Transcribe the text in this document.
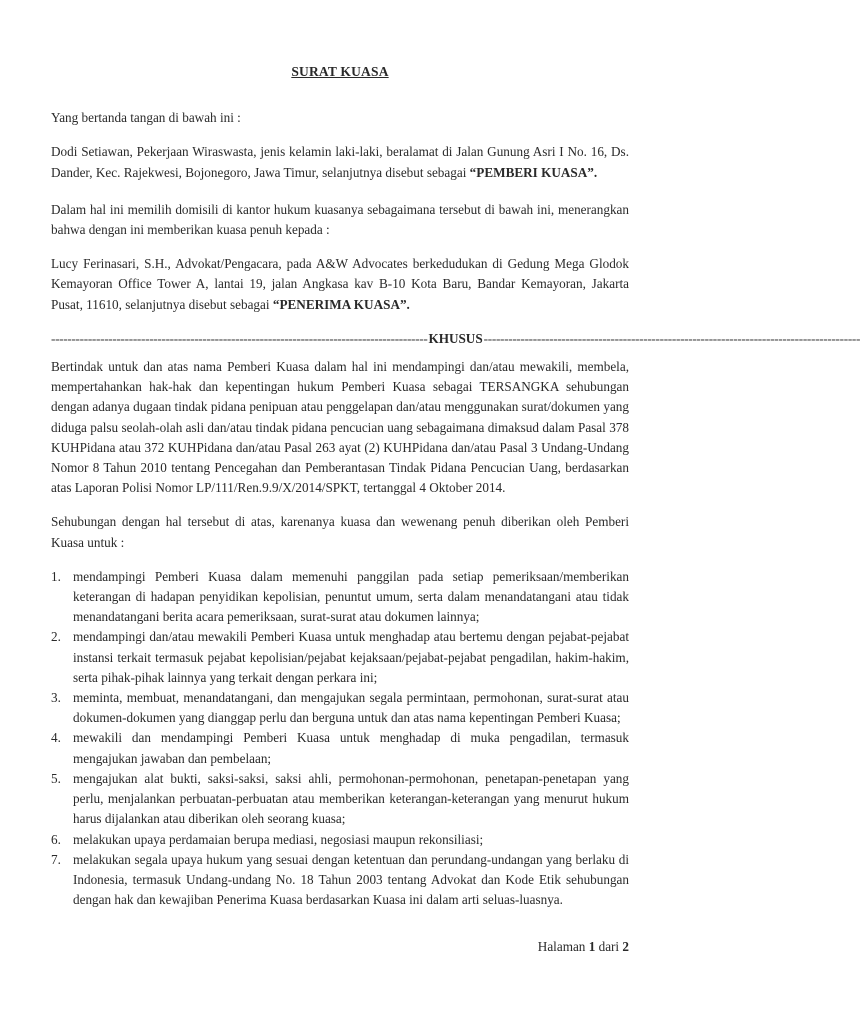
SURAT KUASA

Yang bertanda tangan di bawah ini :

Dodi Setiawan, Pekerjaan Wiraswasta, jenis kelamin laki-laki, beralamat di Jalan Gunung Asri I No. 16, Ds. Dander, Kec. Rajekwesi, Bojonegoro, Jawa Timur, selanjutnya disebut sebagai “PEMBERI KUASA”.

Dalam hal ini memilih domisili di kantor hukum kuasanya sebagaimana tersebut di bawah ini, menerangkan bahwa dengan ini memberikan kuasa penuh kepada :

Lucy Ferinasari, S.H., Advokat/Pengacara, pada A&W Advocates berkedudukan di Gedung Mega Glodok Kemayoran Office Tower A, lantai 19, jalan Angkasa kav B-10 Kota Baru, Bandar Kemayoran, Jakarta Pusat, 11610, selanjutnya disebut sebagai “PENERIMA KUASA”.

-------------------------------------------------------------------------------------------- KHUSUS --------------------------------------------------------------------------------------------

Bertindak untuk dan atas nama Pemberi Kuasa dalam hal ini mendampingi dan/atau mewakili, membela, mempertahankan hak-hak dan kepentingan hukum Pemberi Kuasa sebagai TERSANGKA sehubungan dengan adanya dugaan tindak pidana penipuan atau penggelapan dan/atau menggunakan surat/dokumen yang diduga palsu seolah-olah asli dan/atau tindak pidana pencucian uang sebagaimana dimaksud dalam Pasal 378 KUHPidana atau 372 KUHPidana dan/atau Pasal 263 ayat (2) KUHPidana dan/atau Pasal 3 Undang-Undang Nomor 8 Tahun 2010 tentang Pencegahan dan Pemberantasan Tindak Pidana Pencucian Uang, berdasarkan atas Laporan Polisi Nomor LP/111/Ren.9.9/X/2014/SPKT, tertanggal 4 Oktober 2014.

Sehubungan dengan hal tersebut di atas, karenanya kuasa dan wewenang penuh diberikan oleh Pemberi Kuasa untuk :

1. mendampingi Pemberi Kuasa dalam memenuhi panggilan pada setiap pemeriksaan/memberikan keterangan di hadapan penyidikan kepolisian, penuntut umum, serta dalam menandatangani atau tidak menandatangani berita acara pemeriksaan, surat-surat atau dokumen lainnya;
2. mendampingi dan/atau mewakili Pemberi Kuasa untuk menghadap atau bertemu dengan pejabat-pejabat instansi terkait termasuk pejabat kepolisian/pejabat kejaksaan/pejabat-pejabat pengadilan, hakim-hakim, serta pihak-pihak lainnya yang terkait dengan perkara ini;
3. meminta, membuat, menandatangani, dan mengajukan segala permintaan, permohonan, surat-surat atau dokumen-dokumen yang dianggap perlu dan berguna untuk dan atas nama kepentingan Pemberi Kuasa;
4. mewakili dan mendampingi Pemberi Kuasa untuk menghadap di muka pengadilan, termasuk mengajukan jawaban dan pembelaan;
5. mengajukan alat bukti, saksi-saksi, saksi ahli, permohonan-permohonan, penetapan-penetapan yang perlu, menjalankan perbuatan-perbuatan atau memberikan keterangan-keterangan yang menurut hukum harus dijalankan atau diberikan oleh seorang kuasa;
6. melakukan upaya perdamaian berupa mediasi, negosiasi maupun rekonsiliasi;
7. melakukan segala upaya hukum yang sesuai dengan ketentuan dan perundang-undangan yang berlaku di Indonesia, termasuk Undang-undang No. 18 Tahun 2003 tentang Advokat dan Kode Etik sehubungan dengan hak dan kewajiban Penerima Kuasa berdasarkan Kuasa ini dalam arti seluas-luasnya.
Halaman 1 dari 2
